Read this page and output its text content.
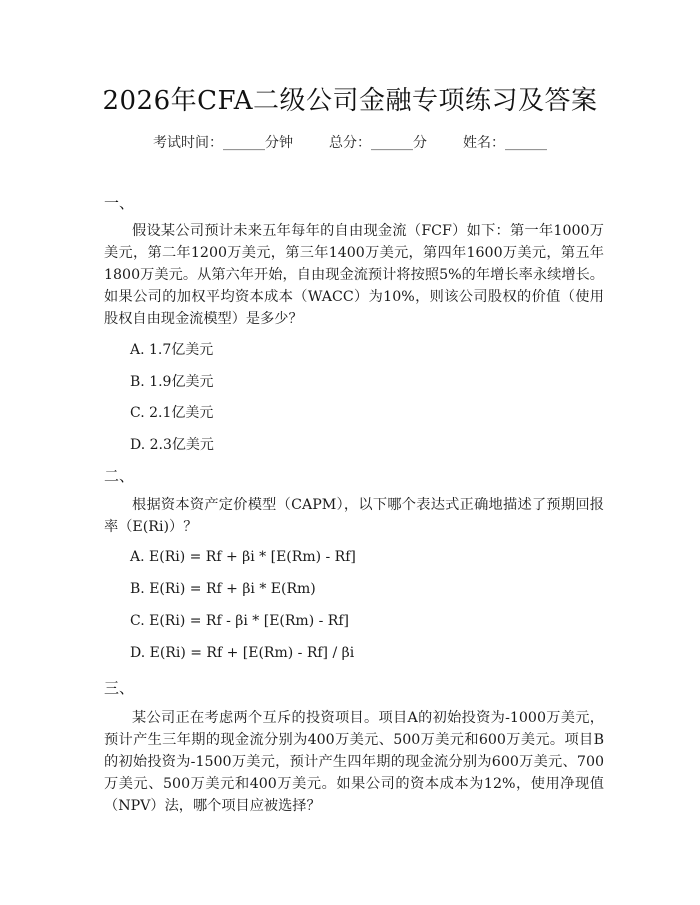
2026年CFA二级公司金融专项练习及答案
考试时间：______分钟	总分：______分	姓名：______
一、
假设某公司预计未来五年每年的自由现金流（FCF）如下：第一年1000万美元，第二年1200万美元，第三年1400万美元，第四年1600万美元，第五年1800万美元。从第六年开始，自由现金流预计将按照5%的年增长率永续增长。如果公司的加权平均资本成本（WACC）为10%，则该公司股权的价值（使用股权自由现金流模型）是多少？
A. 1.7亿美元
B. 1.9亿美元
C. 2.1亿美元
D. 2.3亿美元
二、
根据资本资产定价模型（CAPM），以下哪个表达式正确地描述了预期回报率（E(Ri)）？
A. E(Ri) = Rf + βi * [E(Rm) - Rf]
B. E(Ri) = Rf + βi * E(Rm)
C. E(Ri) = Rf - βi * [E(Rm) - Rf]
D. E(Ri) = Rf + [E(Rm) - Rf] / βi
三、
某公司正在考虑两个互斥的投资项目。项目A的初始投资为-1000万美元，预计产生三年期的现金流分别为400万美元、500万美元和600万美元。项目B的初始投资为-1500万美元，预计产生四年期的现金流分别为600万美元、700万美元、500万美元和400万美元。如果公司的资本成本为12%，使用净现值（NPV）法，哪个项目应被选择？
